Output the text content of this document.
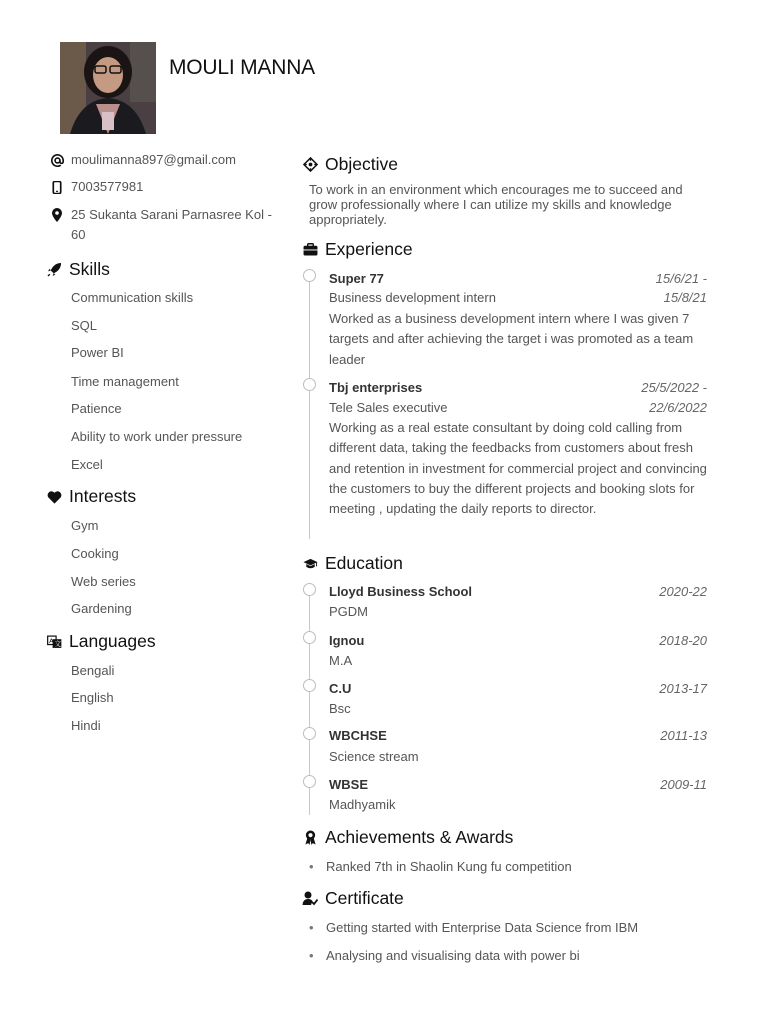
MOULI MANNA
moulimanna897@gmail.com
7003577981
25 Sukanta Sarani Parnasree Kol -
60
Skills
Communication skills
SQL
Power BI
Time management
Patience
Ability to work under pressure
Excel
Interests
Gym
Cooking
Web series
Gardening
A 文 Languages
Bengali
English
Hindi
Objective
To work in an environment which encourages me to succeed and grow professionally where I can utilize my skills and knowledge appropriately.
Experience
Super 77	15/6/21 -
Business development intern	15/8/21
Worked as a business development intern where I was given 7 targets and after achieving the target i was promoted as a team leader
Tbj enterprises	25/5/2022 -
Tele Sales executive	22/6/2022
Working as a real estate consultant by doing cold calling from different data, taking the feedbacks from customers about fresh and retention in investment for commercial project and convincing the customers to buy the different projects and booking slots for meeting , updating the daily reports to director.
Education
Lloyd Business School	2020-22
PGDM
Ignou	2018-20
M.A
C.U	2013-17
Bsc
WBCHSE	2011-13
Science stream
WBSE	2009-11
Madhyamik
Achievements & Awards
• Ranked 7th in Shaolin Kung fu competition
Certificate
• Getting started with Enterprise Data Science from IBM
• Analysing and visualising data with power bi
